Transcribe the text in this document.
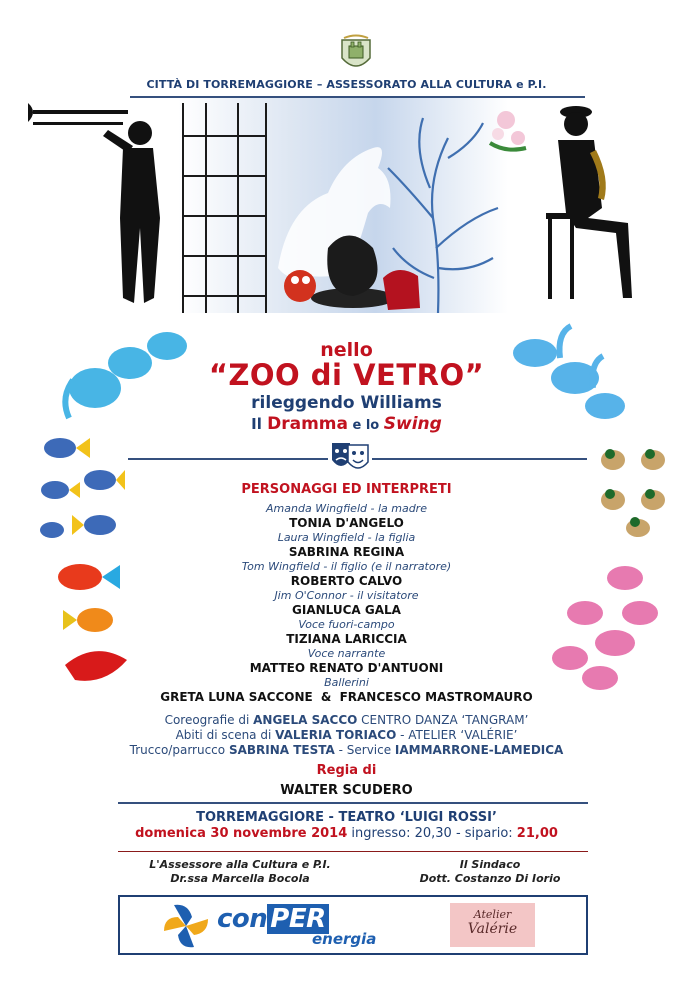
CITTÀ DI TORREMAGGIORE – ASSESSORATO ALLA CULTURA e P.I.
nello
“ZOO di VETRO”
rileggendo Williams
Il Dramma e lo Swing
PERSONAGGI ED INTERPRETI
Amanda Wingfield - la madre
TONIA D'ANGELO
Laura Wingfield - la figlia
SABRINA REGINA
Tom Wingfield - il figlio (e il narratore)
ROBERTO CALVO
Jim O'Connor - il visitatore
GIANLUCA GALA
Voce fuori-campo
TIZIANA LARICCIA
Voce narrante
MATTEO RENATO D'ANTUONI
Ballerini
GRETA LUNA SACCONE & FRANCESCO MASTROMAURO
Coreografie di ANGELA SACCO CENTRO DANZA ‘TANGRAM’
Abiti di scena di VALERIA TORIACO - ATELIER ‘VALÉRIE’
Trucco/parrucco SABRINA TESTA - Service IAMMARRONE-LAMEDICA
Regia di
WALTER SCUDERO
TORREMAGGIORE - TEATRO ‘LUIGI ROSSI’
domenica 30 novembre 2014 ingresso: 20,30 - sipario: 21,00
L'Assessore alla Cultura e P.I.
Dr.ssa Marcella Bocola
Il Sindaco
Dott. Costanzo Di Iorio
con PER
energia
Atelier
Valérie
